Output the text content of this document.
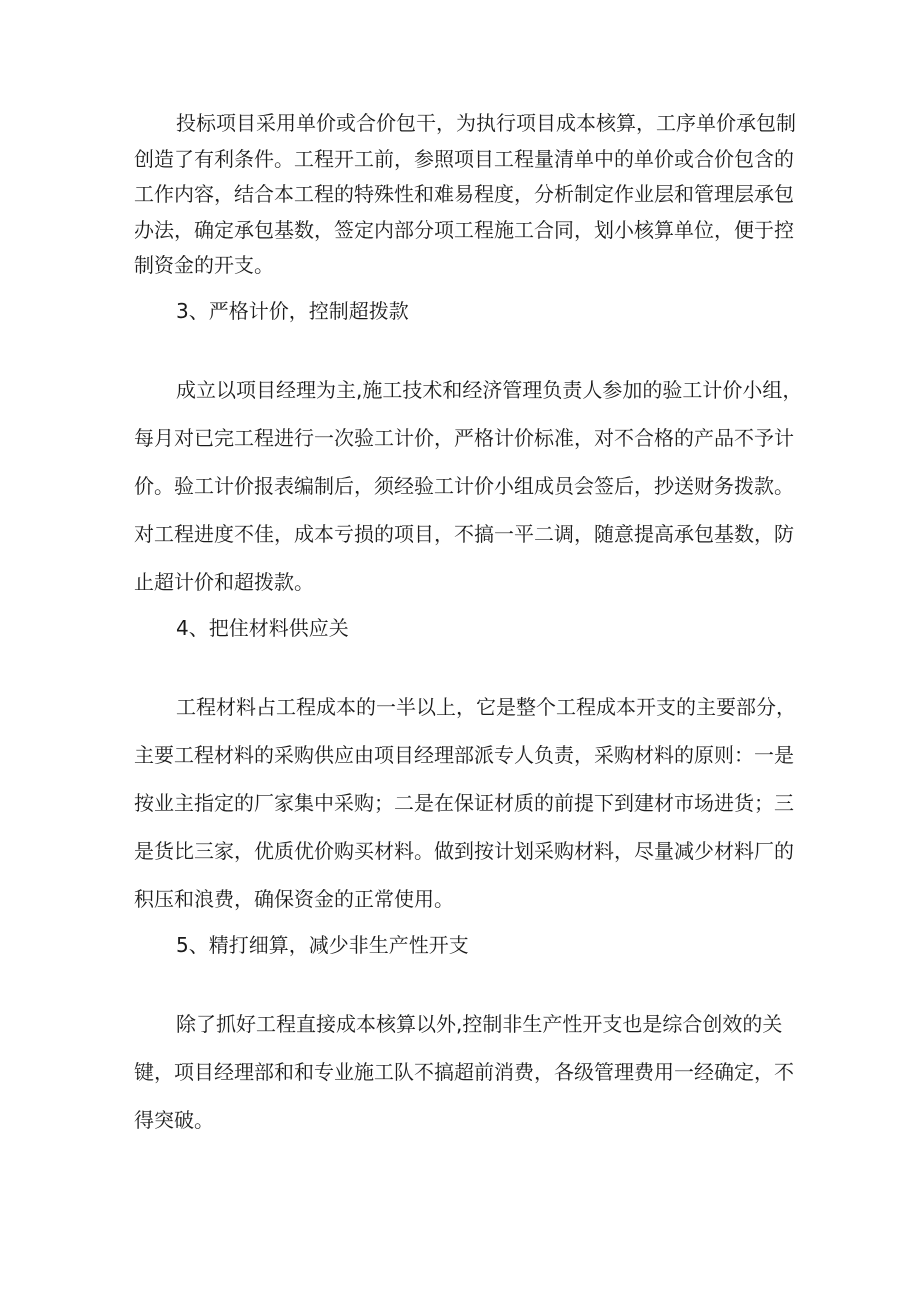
投标项目采用单价或合价包干，为执行项目成本核算，工序单价承包制
创造了有利条件。工程开工前，参照项目工程量清单中的单价或合价包含的
工作内容，结合本工程的特殊性和难易程度，分析制定作业层和管理层承包
办法，确定承包基数，签定内部分项工程施工合同，划小核算单位，便于控
制资金的开支。

3、严格计价，控制超拨款

成立以项目经理为主,施工技术和经济管理负责人参加的验工计价小组，
每月对已完工程进行一次验工计价，严格计价标准，对不合格的产品不予计
价。验工计价报表编制后，须经验工计价小组成员会签后，抄送财务拨款。
对工程进度不佳，成本亏损的项目，不搞一平二调，随意提高承包基数，防
止超计价和超拨款。

4、把住材料供应关

工程材料占工程成本的一半以上，它是整个工程成本开支的主要部分，
主要工程材料的采购供应由项目经理部派专人负责，采购材料的原则：一是
按业主指定的厂家集中采购；二是在保证材质的前提下到建材市场进货；三
是货比三家，优质优价购买材料。做到按计划采购材料，尽量减少材料厂的
积压和浪费，确保资金的正常使用。

5、精打细算，减少非生产性开支

除了抓好工程直接成本核算以外,控制非生产性开支也是综合创效的关
键，项目经理部和和专业施工队不搞超前消费，各级管理费用一经确定，不
得突破。
